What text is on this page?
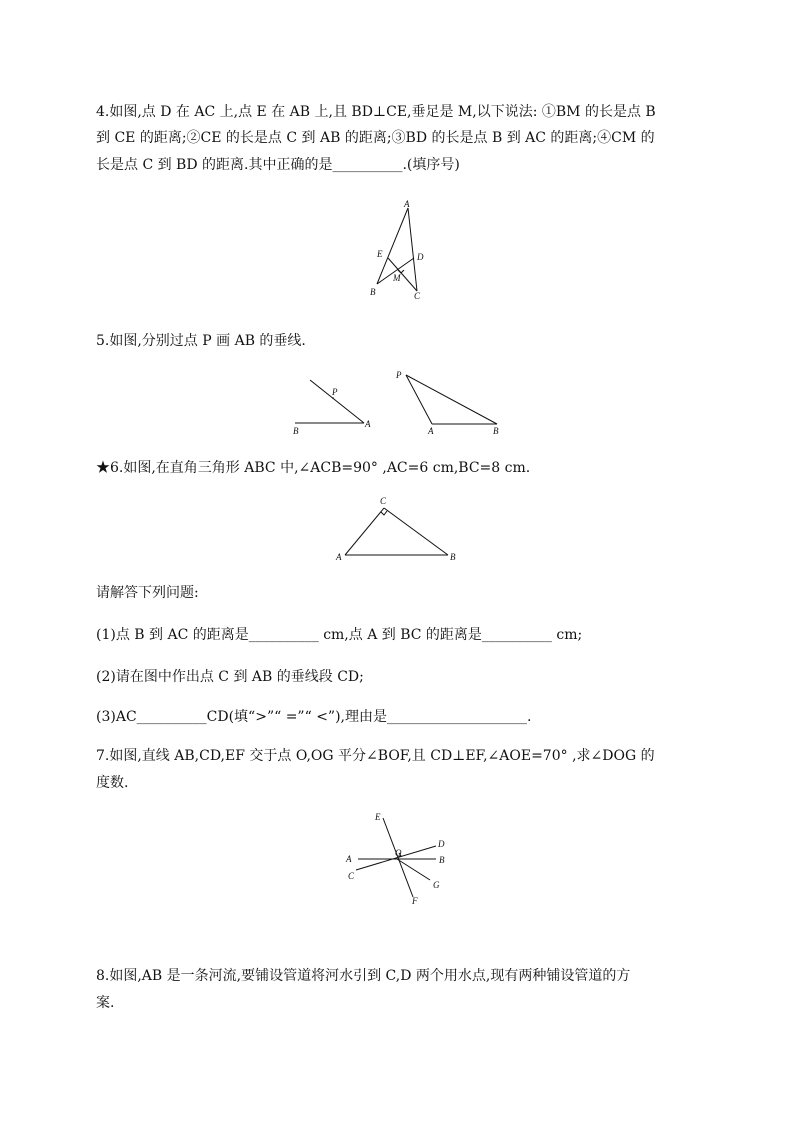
4.如图,点 D 在 AC 上,点 E 在 AB 上,且 BD⊥CE,垂足是 M,以下说法: ①BM 的长是点 B
到 CE 的距离;②CE 的长是点 C 到 AB 的距离;③BD 的长是点 B 到 AC 的距离;④CM 的
长是点 C 到 BD 的距离.其中正确的是__________.(填序号)
A
E	D
M
B	C
5.如图,分别过点 P 画 AB 的垂线.
P
A
B
P
A	B
★6.如图,在直角三角形 ABC 中,∠ACB=90° ,AC=6 cm,BC=8 cm.
C
A	B
请解答下列问题:
(1)点 B 到 AC 的距离是__________ cm,点 A 到 BC 的距离是__________ cm;
(2)请在图中作出点 C 到 AB 的垂线段 CD;
(3)AC__________CD(填“>”“ =”“ <”),理由是____________________.
7.如图,直线 AB,CD,EF 交于点 O,OG 平分∠BOF,且 CD⊥EF,∠AOE=70° ,求∠DOG 的
度数.
E
D
O
A	B
C
G
F
8.如图,AB 是一条河流,要铺设管道将河水引到 C,D 两个用水点,现有两种铺设管道的方
案.
